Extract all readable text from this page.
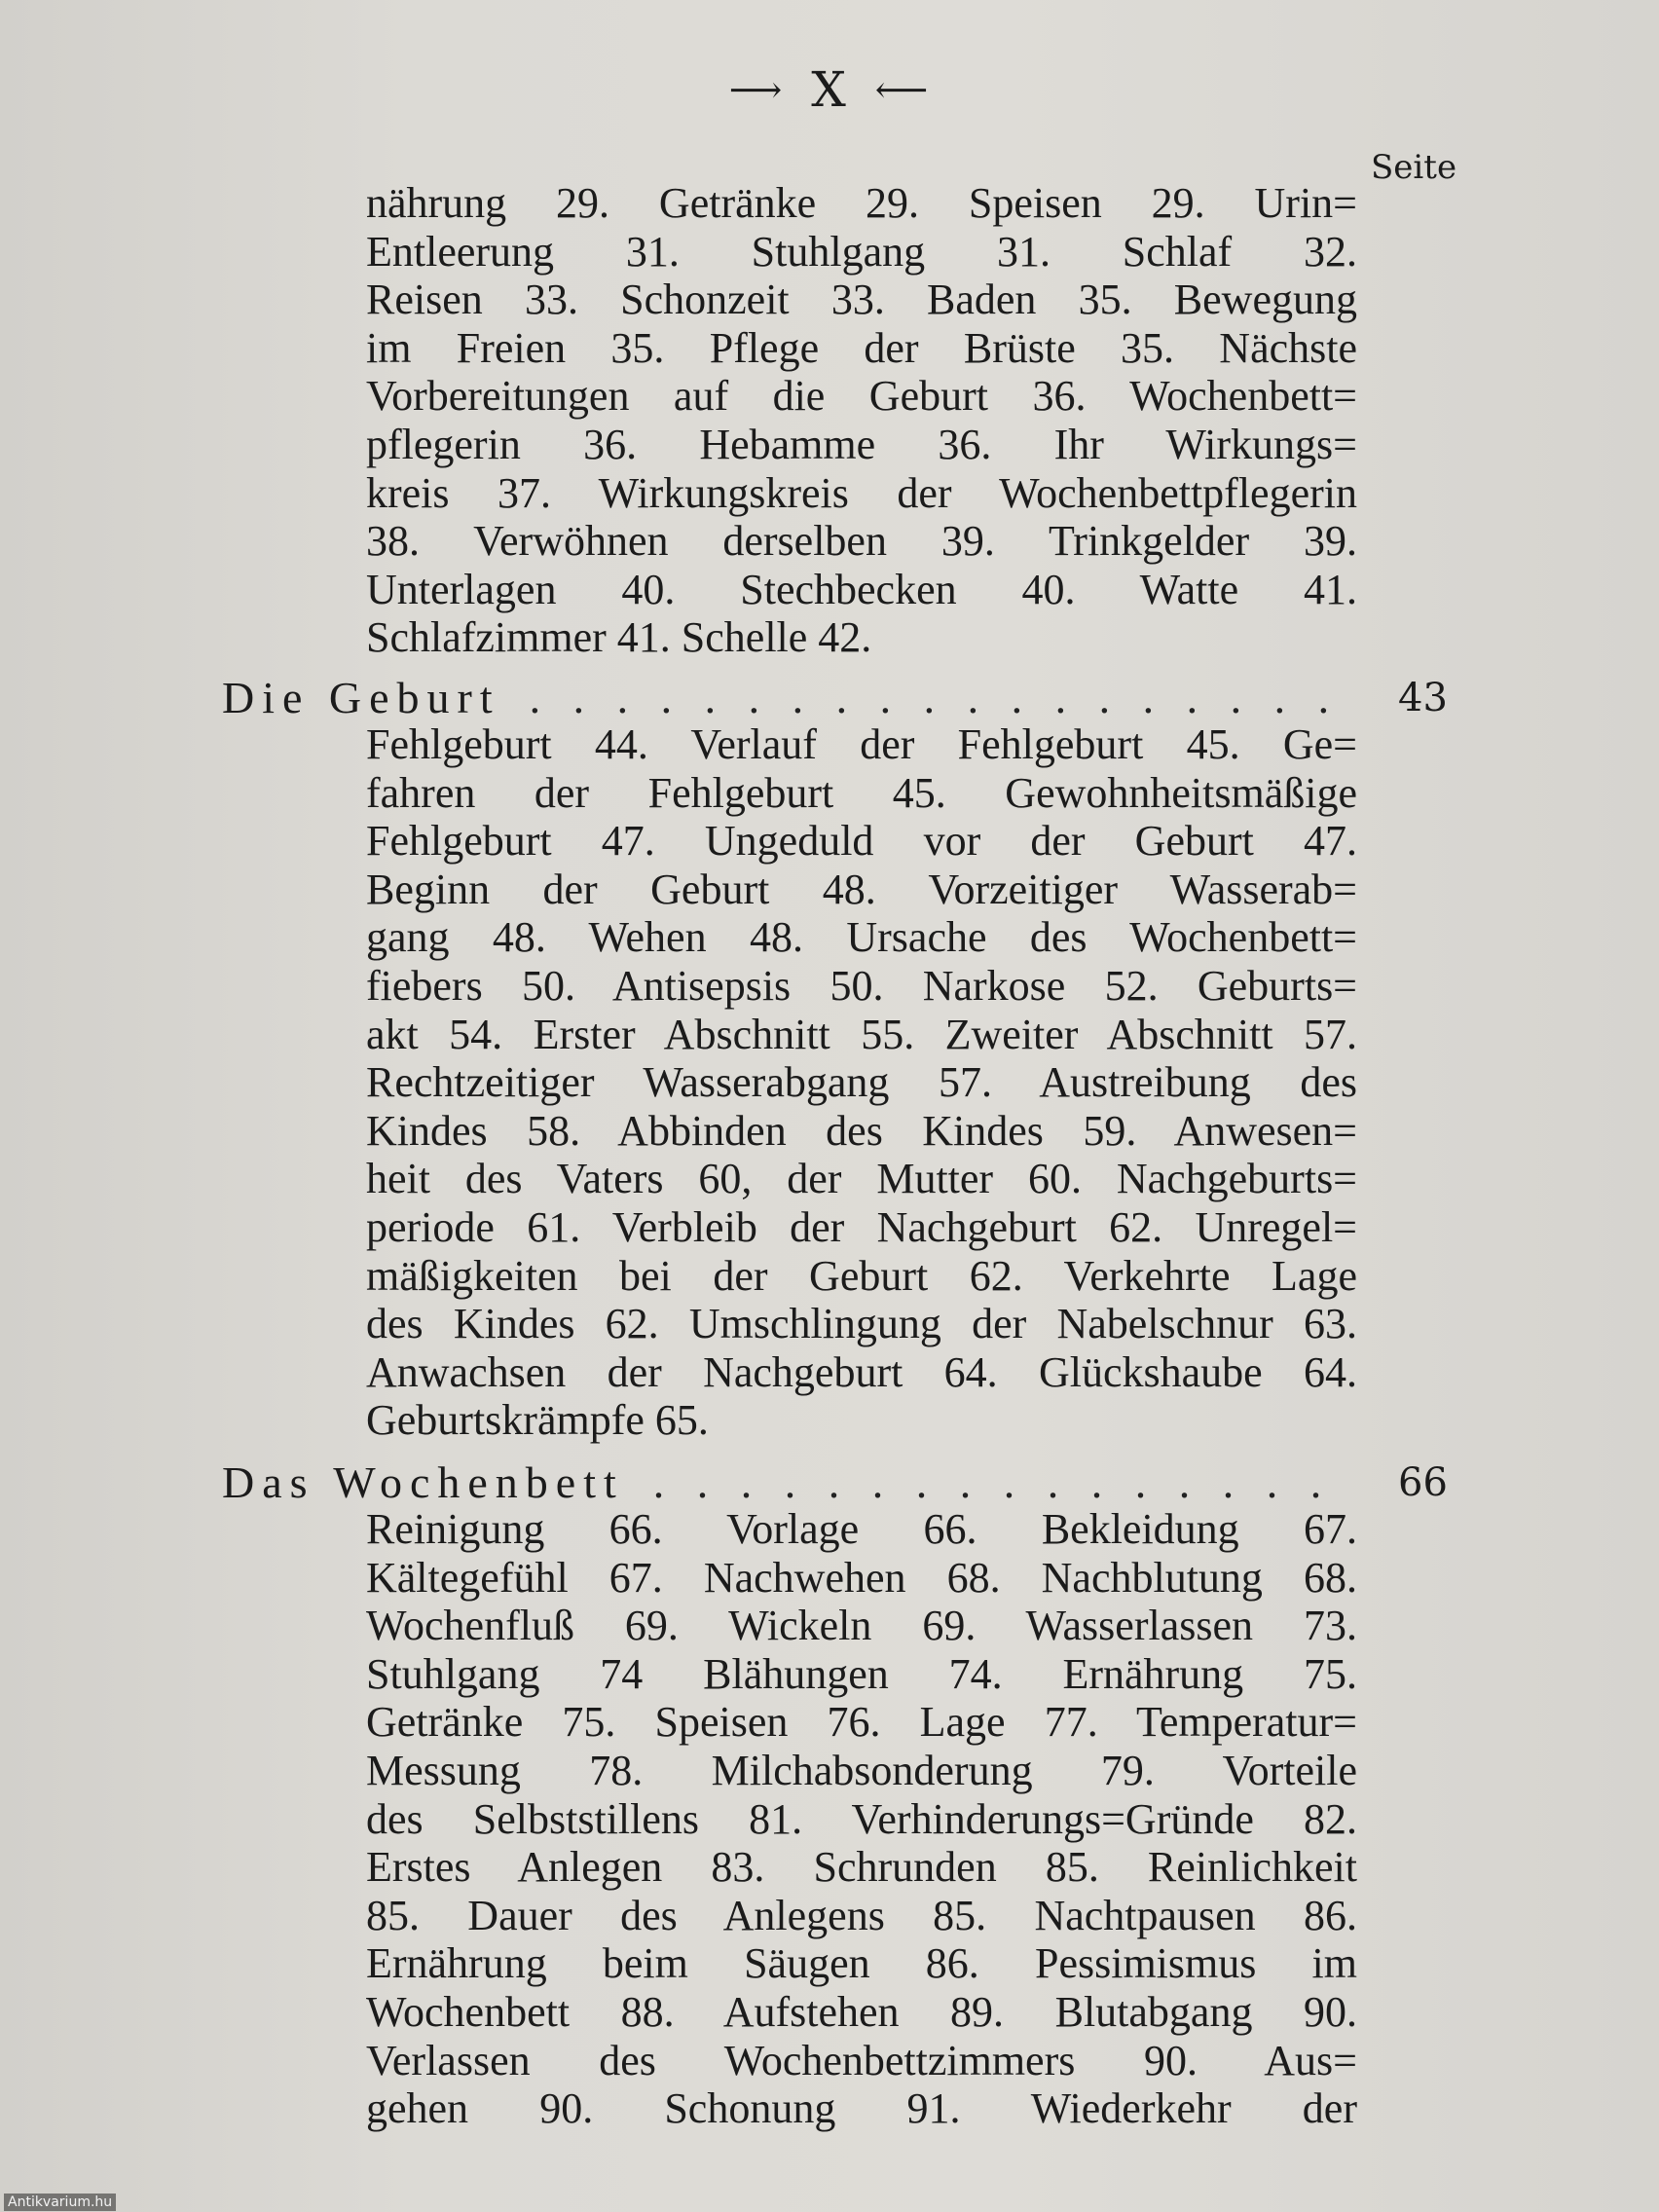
⟶ X ⟵
Seite
nährung 29. Getränke 29. Speisen 29. Urin=
Entleerung 31. Stuhlgang 31. Schlaf 32.
Reisen 33. Schonzeit 33. Baden 35. Bewegung
im Freien 35. Pflege der Brüste 35. Nächste
Vorbereitungen auf die Geburt 36. Wochenbett=
pflegerin 36. Hebamme 36. Ihr Wirkungs=
kreis 37. Wirkungskreis der Wochenbettpflegerin
38. Verwöhnen derselben 39. Trinkgelder 39.
Unterlagen 40. Stechbecken 40. Watte 41.
Schlafzimmer 41. Schelle 42.
Die Geburt . . .	43
Fehlgeburt 44. Verlauf der Fehlgeburt 45. Ge=
fahren der Fehlgeburt 45. Gewohnheitsmäßige
Fehlgeburt 47. Ungeduld vor der Geburt 47.
Beginn der Geburt 48. Vorzeitiger Wasserab=
gang 48. Wehen 48. Ursache des Wochenbett=
fiebers 50. Antisepsis 50. Narkose 52. Geburts=
akt 54. Erster Abschnitt 55. Zweiter Abschnitt 57.
Rechtzeitiger Wasserabgang 57. Austreibung des
Kindes 58. Abbinden des Kindes 59. Anwesen=
heit des Vaters 60, der Mutter 60. Nachgeburts=
periode 61. Verbleib der Nachgeburt 62. Unregel=
mäßigkeiten bei der Geburt 62. Verkehrte Lage
des Kindes 62. Umschlingung der Nabelschnur 63.
Anwachsen der Nachgeburt 64. Glückshaube 64.
Geburtskrämpfe 65.
Das Wochenbett . . .	66
Reinigung 66. Vorlage 66. Bekleidung 67.
Kältegefühl 67. Nachwehen 68. Nachblutung 68.
Wochenfluß 69. Wickeln 69. Wasserlassen 73.
Stuhlgang 74 Blähungen 74. Ernährung 75.
Getränke 75. Speisen 76. Lage 77. Temperatur=
Messung 78. Milchabsonderung 79. Vorteile
des Selbststillens 81. Verhinderungs=Gründe 82.
Erstes Anlegen 83. Schrunden 85. Reinlichkeit
85. Dauer des Anlegens 85. Nachtpausen 86.
Ernährung beim Säugen 86. Pessimismus im
Wochenbett 88. Aufstehen 89. Blutabgang 90.
Verlassen des Wochenbettzimmers 90. Aus=
gehen 90. Schonung 91. Wiederkehr der
Antikvarium.hu
